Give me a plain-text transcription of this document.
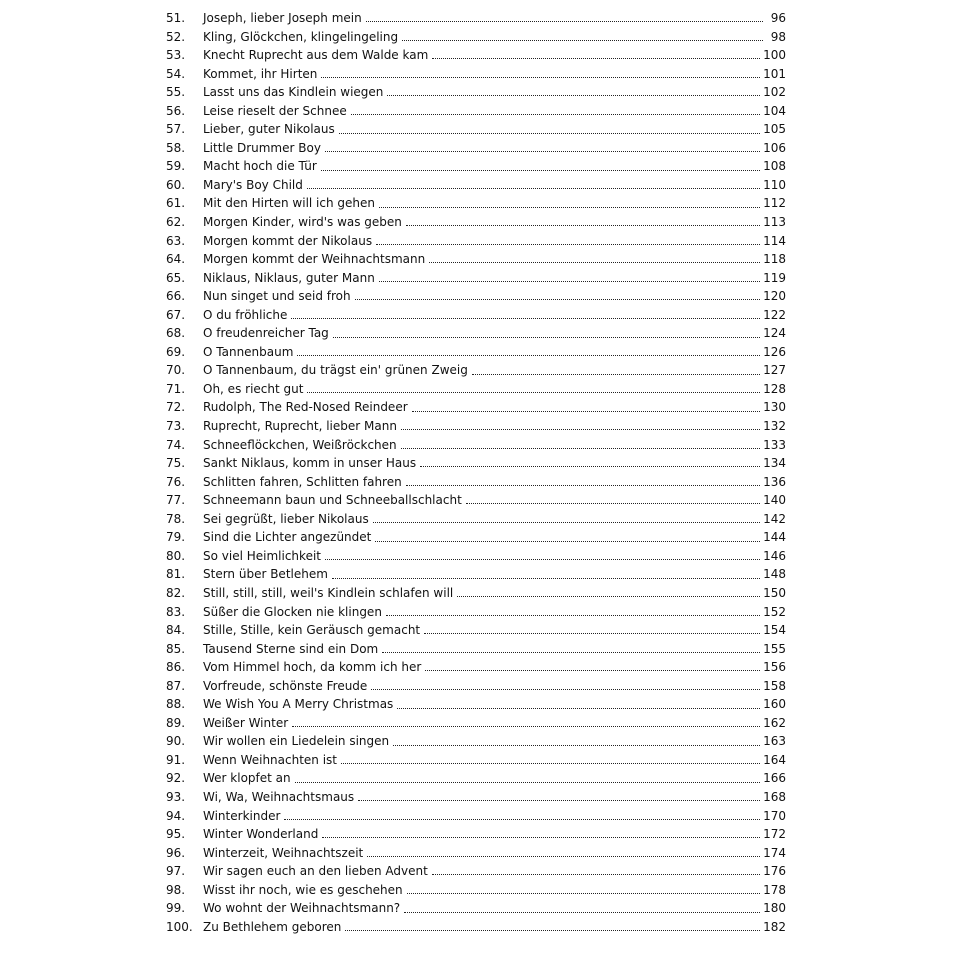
51.	Joseph, lieber Joseph mein	96
52.	Kling, Glöckchen, klingelingeling	98
53.	Knecht Ruprecht aus dem Walde kam	100
54.	Kommet, ihr Hirten	101
55.	Lasst uns das Kindlein wiegen	102
56.	Leise rieselt der Schnee	104
57.	Lieber, guter Nikolaus	105
58.	Little Drummer Boy	106
59.	Macht hoch die Tür	108
60.	Mary's Boy Child	110
61.	Mit den Hirten will ich gehen	112
62.	Morgen Kinder, wird's was geben	113
63.	Morgen kommt der Nikolaus	114
64.	Morgen kommt der Weihnachtsmann	118
65.	Niklaus, Niklaus, guter Mann	119
66.	Nun singet und seid froh	120
67.	O du fröhliche	122
68.	O freudenreicher Tag	124
69.	O Tannenbaum	126
70.	O Tannenbaum, du trägst ein' grünen Zweig	127
71.	Oh, es riecht gut	128
72.	Rudolph, The Red-Nosed Reindeer	130
73.	Ruprecht, Ruprecht, lieber Mann	132
74.	Schneeflöckchen, Weißröckchen	133
75.	Sankt Niklaus, komm in unser Haus	134
76.	Schlitten fahren, Schlitten fahren	136
77.	Schneemann baun und Schneeballschlacht	140
78.	Sei gegrüßt, lieber Nikolaus	142
79.	Sind die Lichter angezündet	144
80.	So viel Heimlichkeit	146
81.	Stern über Betlehem	148
82.	Still, still, still, weil's Kindlein schlafen will	150
83.	Süßer die Glocken nie klingen	152
84.	Stille, Stille, kein Geräusch gemacht	154
85.	Tausend Sterne sind ein Dom	155
86.	Vom Himmel hoch, da komm ich her	156
87.	Vorfreude, schönste Freude	158
88.	We Wish You A Merry Christmas	160
89.	Weißer Winter	162
90.	Wir wollen ein Liedelein singen	163
91.	Wenn Weihnachten ist	164
92.	Wer klopfet an	166
93.	Wi, Wa, Weihnachtsmaus	168
94.	Winterkinder	170
95.	Winter Wonderland	172
96.	Winterzeit, Weihnachtszeit	174
97.	Wir sagen euch an den lieben Advent	176
98.	Wisst ihr noch, wie es geschehen	178
99.	Wo wohnt der Weihnachtsmann?	180
100. Zu Bethlehem geboren	182
